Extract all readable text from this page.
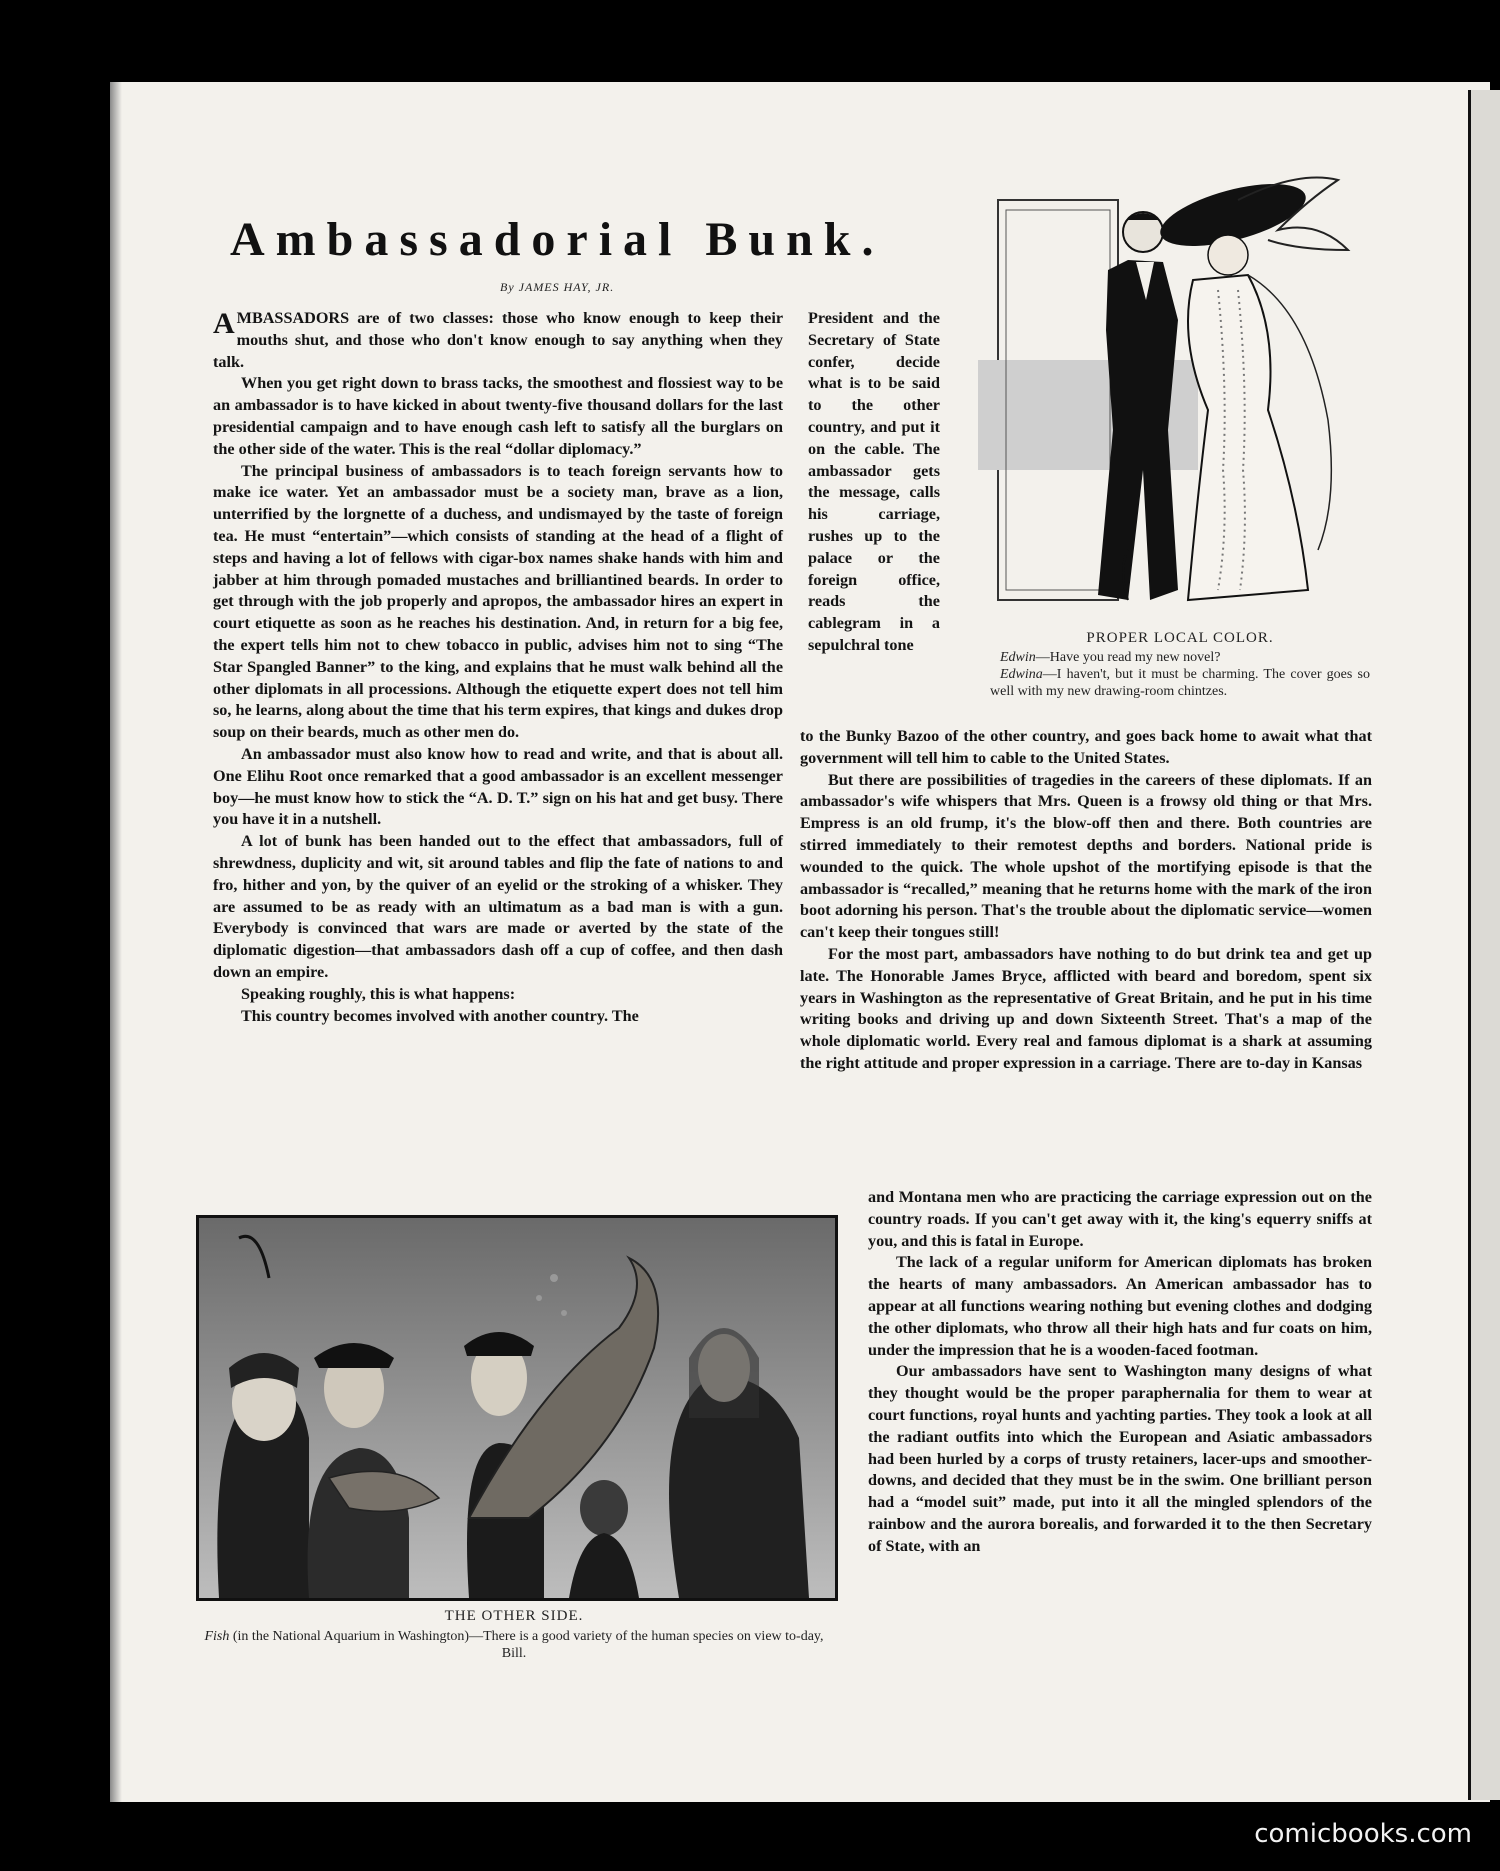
Ambassadorial Bunk.
By JAMES HAY, JR.

AMBASSADORS are of two classes: those who know enough to keep their mouths shut, and those who don't know enough to say anything when they talk.

When you get right down to brass tacks, the smoothest and flossiest way to be an ambassador is to have kicked in about twenty-five thousand dollars for the last presidential campaign and to have enough cash left to satisfy all the burglars on the other side of the water. This is the real “dollar diplomacy.”

The principal business of ambassadors is to teach foreign servants how to make ice water. Yet an ambassador must be a society man, brave as a lion, unterrified by the lorgnette of a duchess, and undismayed by the taste of foreign tea. He must “entertain”—which consists of standing at the head of a flight of steps and having a lot of fellows with cigar-box names shake hands with him and jabber at him through pomaded mustaches and brilliantined beards. In order to get through with the job properly and apropos, the ambassador hires an expert in court etiquette as soon as he reaches his destination. And, in return for a big fee, the expert tells him not to chew tobacco in public, advises him not to sing “The Star Spangled Banner” to the king, and explains that he must walk behind all the other diplomats in all processions. Although the etiquette expert does not tell him so, he learns, along about the time that his term expires, that kings and dukes drop soup on their beards, much as other men do.

An ambassador must also know how to read and write, and that is about all. One Elihu Root once remarked that a good ambassador is an excellent messenger boy—he must know how to stick the “A. D. T.” sign on his hat and get busy. There you have it in a nutshell.

A lot of bunk has been handed out to the effect that ambassadors, full of shrewdness, duplicity and wit, sit around tables and flip the fate of nations to and fro, hither and yon, by the quiver of an eyelid or the stroking of a whisker. They are assumed to be as ready with an ultimatum as a bad man is with a gun. Everybody is convinced that wars are made or averted by the state of the diplomatic digestion—that ambassadors dash off a cup of coffee, and then dash down an empire.

Speaking roughly, this is what happens:

This country becomes involved with another country. The

President and the Secretary of State confer, decide what is to be said to the other country, and put it on the cable. The ambassador gets the message, calls his carriage, rushes up to the palace or the foreign office, reads the cablegram in a sepulchral tone

to the Bunky Bazoo of the other country, and goes back home to await what that government will tell him to cable to the United States.

But there are possibilities of tragedies in the careers of these diplomats. If an ambassador's wife whispers that Mrs. Queen is a frowsy old thing or that Mrs. Empress is an old frump, it's the blow-off then and there. Both countries are stirred immediately to their remotest depths and borders. National pride is wounded to the quick. The whole upshot of the mortifying episode is that the ambassador is “recalled,” meaning that he returns home with the mark of the iron boot adorning his person. That's the trouble about the diplomatic service—women can't keep their tongues still!

For the most part, ambassadors have nothing to do but drink tea and get up late. The Honorable James Bryce, afflicted with beard and boredom, spent six years in Washington as the representative of Great Britain, and he put in his time writing books and driving up and down Sixteenth Street. That's a map of the whole diplomatic world. Every real and famous diplomat is a shark at assuming the right attitude and proper expression in a carriage. There are to-day in Kansas

and Montana men who are practicing the carriage expression out on the country roads. If you can't get away with it, the king's equerry sniffs at you, and this is fatal in Europe.

The lack of a regular uniform for American diplomats has broken the hearts of many ambassadors. An American ambassador has to appear at all functions wearing nothing but evening clothes and dodging the other diplomats, who throw all their high hats and fur coats on him, under the impression that he is a wooden-faced footman.

Our ambassadors have sent to Washington many designs of what they thought would be the proper paraphernalia for them to wear at court functions, royal hunts and yachting parties. They took a look at all the radiant outfits into which the European and Asiatic ambassadors had been hurled by a corps of trusty retainers, lacer-ups and smoother-downs, and decided that they must be in the swim. One brilliant person had a “model suit” made, put into it all the mingled splendors of the rainbow and the aurora borealis, and forwarded it to the then Secretary of State, with an

PROPER LOCAL COLOR.

Edwin—Have you read my new novel?

Edwina—I haven't, but it must be charming. The cover goes so well with my new drawing-room chintzes.

THE OTHER SIDE.

Fish (in the National Aquarium in Washington)—There is a good variety of the human species on view to-day, Bill.

comicbooks.com
